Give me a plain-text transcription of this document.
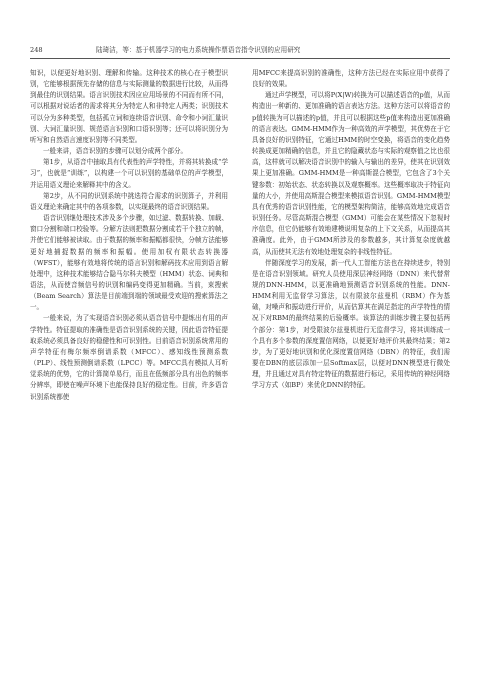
248	陆琦洁，等：基于机器学习的电力系统操作票语音指令识别的应用研究

知识，以便更好地识别、理解和传输。这种技术的核心在于模型识别，它能够根据预先存储的信息与实际测量的数据进行比较，从而得到最佳的识别结果。语言识别技术因应应用场景的不同而有所不同，可以根据对说话者的需求将其分为特定人和非特定人两类；识别技术可以分为多种类型，包括孤立词和连续语音识别、命令和小词汇量识别、大词汇量识别、规范语言识别和口语识别等；还可以将识别分为听写和自然语言速度识别等不同类型。

一般来讲，语音识别的步骤可以划分成两个部分。

第1步，从语音中抽取具有代表性的声学特性，并将其转换成“学习”，也就是“训练”，以构建一个可以识别的基础单位的声学模型，并运用语义理论来解释其中的含义。

第2步，从不同的识别系统中挑选符合需求的识别算子，并利用语义理论来确定其中的各项参数，以实现最终的语音识别结果。

语音识别继处理技术涉及多个步骤，如过滤、数据转换、加载、窗口分割和端口校验等。分解方法则把数据分割成若干个独立的帧，并使它们能够被读取。由于数据的频率和振幅都很快，分帧方法能够更好地捕捉数据的频率和振幅。使用加权有限状态转换器（WFST），能够有效地将传统的语言识别和解码技术应用到语言解处理中，这种技术能够结合隐马尔科夫模型（HMM）状态、词典和语法，从而使音频信号的识别和编码变得更加精确。当前，束搜索（Beam Search）算法是目前端到端的领域最受欢迎的搜索算法之一。

一般来说，为了实现语音识别必须从语音信号中提炼出有用的声学特性。特征提取的准确性是语音识别系统的关键，因此语音特征提取系统必须具备良好的稳健性和可识别性。目前语音识别系统常用的声学特征有梅尔频率倒谱系数（MFCC）、感知线性预测系数（PLP）、线性预测倒谱系数（LPCC）等。MFCC具有模拟人耳听觉系统的优势，它的计算简单易行，而且在低频部分具有出色的频率分辨率，即使在噪声环境下也能保持良好的稳定性。目前，许多语音识别系统都使

用MFCC来提高识别的准确性，这种方法已经在实际应用中获得了良好的效果。

通过声学模型，可以将P(X|W)转换为可以描述语音的p值，从而构造出一种新的、更加准确的语言表达方法。这种方法可以将语音的p值转换为可以描述的p值，并且可以根据这些p值来构造出更加准确的语言表达。GMM-HMM作为一种高效的声学模型，其优势在于它具备良好的识别特征，它通过HMM的时空变换，将语音的变化趋势转换成更加精确的信息，并且它的隐藏状态与实际的观察值之比也很高，这样就可以解决语音识别中的输入与输出的差异，使其在识别效果上更加准确。GMM-HMM是一种高斯混合模型，它包含了3个关键参数：初始状态、状态转换以及观察概率。这些概率取决于特征向量的大小，并使用高斯混合模型来模拟语音识别。GMM-HMM模型具有优秀的语音识别性能，它的模型架构简洁，能够高效地完成语音识别任务。尽管高斯混合模型（GMM）可能会在某些情况下忽视时序信息，但它仍能够有效地建模说明复杂的上下文关系，从而提高其准确度。此外，由于GMM所涉及的参数越多，其计算复杂度就越高，从而使其无法有效地处理复杂的非线性特征。

伴随深度学习的发展，新一代人工智能方法也在持续进步，特别是在语音识别领域。研究人员使用深层神经网络（DNN）来代替常规的DNN-HMM，以更准确地预测语音识别系统的性能。DNN-HMM利用无监督学习算法，以有限波尔兹曼机（RBM）作为基础，对噪声和振动进行评价，从而估算其在满足指定的声学特性的情况下对RBM的最终结果的后验概率。该算法的训练步骤主要包括两个部分：第1步，对受限波尔兹曼机进行无监督学习，将其训练成一个具有多个参数的深度置信网络，以便更好地评价其最终结果；第2步，为了更好地识别和优化深度置信网络（DBN）的特征，我们需要在DBN的底层添加一层Softmax层，以便对DNN模型进行微处理，并且通过对具有特定特征的数据进行标记，采用传统的神经网络学习方式（如BP）来优化DNN的特征。
